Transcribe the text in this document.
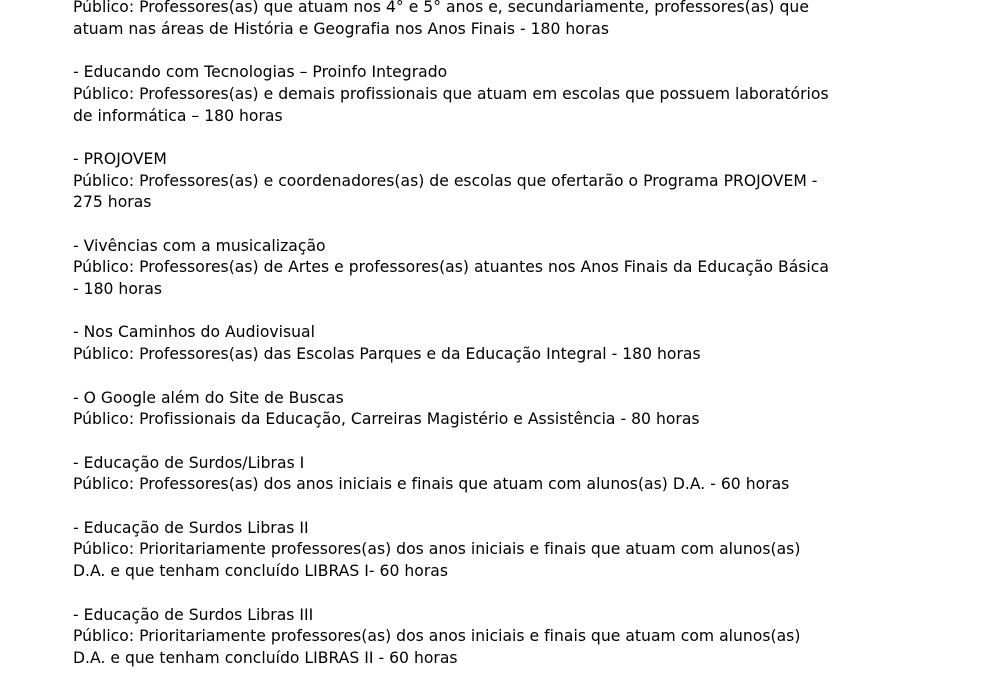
Público: Professores(as) que atuam nos 4° e 5° anos e, secundariamente, professores(as) que
atuam nas áreas de História e Geografia nos Anos Finais - 180 horas
- Educando com Tecnologias – Proinfo Integrado
Público: Professores(as) e demais profissionais que atuam em escolas que possuem laboratórios
de informática – 180 horas
- PROJOVEM
Público: Professores(as) e coordenadores(as) de escolas que ofertarão o Programa PROJOVEM -
275 horas
- Vivências com a musicalização
Público: Professores(as) de Artes e professores(as) atuantes nos Anos Finais da Educação Básica
- 180 horas
- Nos Caminhos do Audiovisual
Público: Professores(as) das Escolas Parques e da Educação Integral - 180 horas
- O Google além do Site de Buscas
Público: Profissionais da Educação, Carreiras Magistério e Assistência - 80 horas
- Educação de Surdos/Libras I
Público: Professores(as) dos anos iniciais e finais que atuam com alunos(as) D.A. - 60 horas
- Educação de Surdos Libras II
Público: Prioritariamente professores(as) dos anos iniciais e finais que atuam com alunos(as)
D.A. e que tenham concluído LIBRAS I- 60 horas
- Educação de Surdos Libras III
Público: Prioritariamente professores(as) dos anos iniciais e finais que atuam com alunos(as)
D.A. e que tenham concluído LIBRAS II - 60 horas
